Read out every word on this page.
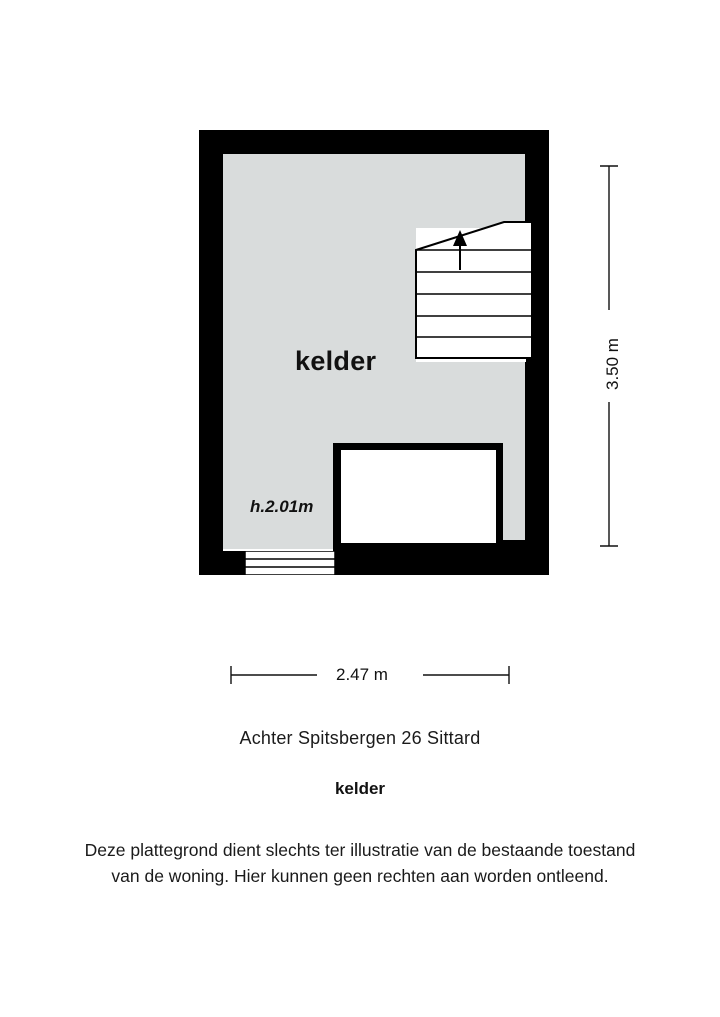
kelder
h.2.01m
2.47 m
3.50 m

Achter Spitsbergen 26 Sittard

kelder

Deze plattegrond dient slechts ter illustratie van de bestaande toestand

van de woning. Hier kunnen geen rechten aan worden ontleend.
